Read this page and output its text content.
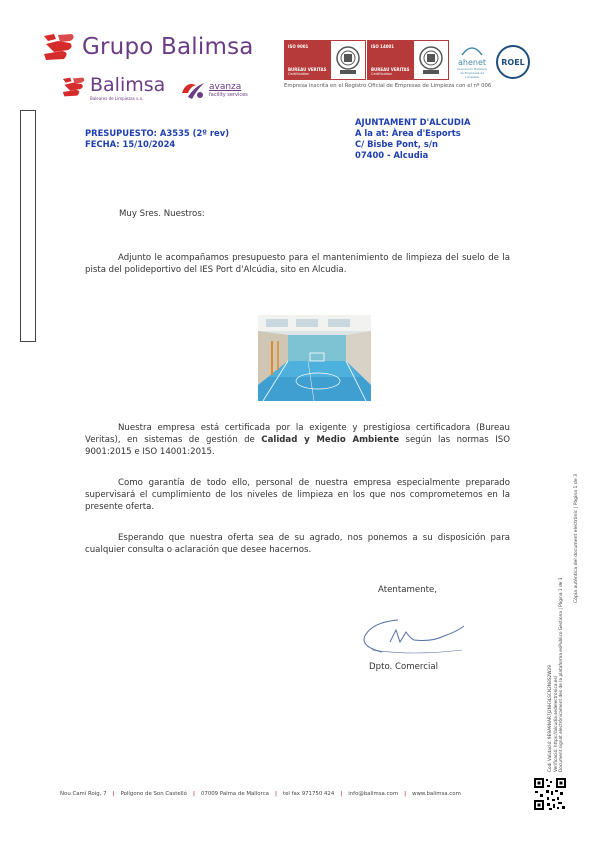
Grupo Balimsa
Balimsa
Baleares de Limpiezas s.a.
avanza
facility services
ISO 9001
BUREAU VERITAS
Certification
ISO 14001
BUREAU VERITAS
Certification
ahenet
Asociación Hotelera de Empresas de Limpieza
ROEL
Empresa inscrita en el Registro Oficial de Empresas de Limpieza con el nº 006
PRESUPUESTO: A3535 (2º rev)
FECHA: 15/10/2024
AJUNTAMENT D'ALCUDIA
A la at: Àrea d'Esports
C/ Bisbe Pont, s/n
07400 - Alcudia
Muy Sres. Nuestros:
Adjunto le acompañamos presupuesto para el mantenimiento de limpieza del suelo de la pista del polideportivo del IES Port d'Alcúdia, sito en Alcudia.
Nuestra empresa está certificada por la exigente y prestigiosa certificadora (Bureau Veritas), en sistemas de gestión de Calidad y Medio Ambiente según las normas ISO 9001:2015 e ISO 14001:2015.
Como garantía de todo ello, personal de nuestra empresa especialmente preparado supervisará el cumplimiento de los niveles de limpieza en los que nos comprometemos en la presente oferta.
Esperando que nuestra oferta sea de su agrado, nos ponemos a su disposición para cualquier consulta o aclaración que desee hacernos.
Atentamente,
Dpto. Comercial
Còpia autèntica del document electrònic | Pàgina 1 de 3
Codi Validació: 9E9A9NAR7J2NH3LSCN2N8S2W29 Verificació: https://alcudia.sedelectronica.es/ Document signat electrònicament des de la plataforma esPublico Gestiona | Pàgina 1 de 3
Nou Camí Roig, 7 | Polígono de Son Castelló | 07009 Palma de Mallorca | tel fax 971750 424 | info@balimsa.com | www.balimsa.com
